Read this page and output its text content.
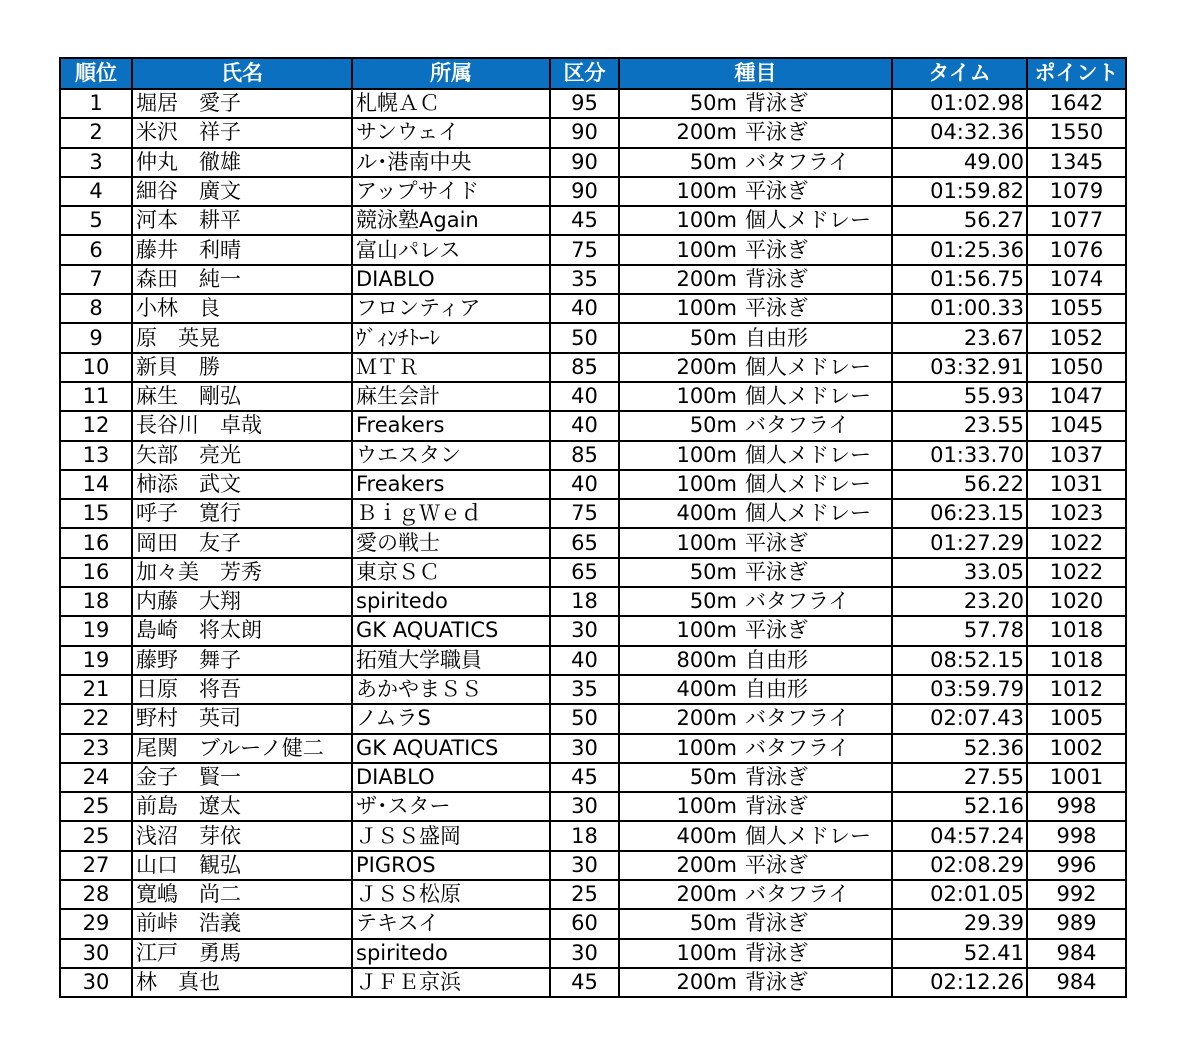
順位	氏名	所属	区分	種目	タイム	ポイント
1	堀居　愛子	札幌ＡＣ	95	50m 背泳ぎ	01:02.98	1642
2	米沢　祥子	サンウェイ	90	200m 平泳ぎ	04:32.36	1550
3	仲丸　徹雄	ル･港南中央	90	50m バタフライ	49.00	1345
4	細谷　廣文	アップサイド	90	100m 平泳ぎ	01:59.82	1079
5	河本　耕平	競泳塾Again	45	100m 個人メドレー	56.27	1077
6	藤井　利晴	富山パレス	75	100m 平泳ぎ	01:25.36	1076
7	森田　純一	DIABLO	35	200m 背泳ぎ	01:56.75	1074
8	小林　良	フロンティア	40	100m 平泳ぎ	01:00.33	1055
9	原　英晃	ｳﾞｨﾝﾁﾄｰﾚ	50	50m 自由形	23.67	1052
10	新貝　勝	ＭＴＲ	85	200m 個人メドレー	03:32.91	1050
11	麻生　剛弘	麻生会計	40	100m 個人メドレー	55.93	1047
12	長谷川　卓哉	Freakers	40	50m バタフライ	23.55	1045
13	矢部　亮光	ウエスタン	85	100m 個人メドレー	01:33.70	1037
14	柿添　武文	Freakers	40	100m 個人メドレー	56.22	1031
15	呼子　寛行	ＢｉｇＷｅｄ	75	400m 個人メドレー	06:23.15	1023
16	岡田　友子	愛の戦士	65	100m 平泳ぎ	01:27.29	1022
16	加々美　芳秀	東京ＳＣ	65	50m 平泳ぎ	33.05	1022
18	内藤　大翔	spiritedo	18	50m バタフライ	23.20	1020
19	島崎　将太朗	GK AQUATICS	30	100m 平泳ぎ	57.78	1018
19	藤野　舞子	拓殖大学職員	40	800m 自由形	08:52.15	1018
21	日原　将吾	あかやまＳＳ	35	400m 自由形	03:59.79	1012
22	野村　英司	ノムラS	50	200m バタフライ	02:07.43	1005
23	尾関　ブルーノ健二	GK AQUATICS	30	100m バタフライ	52.36	1002
24	金子　賢一	DIABLO	45	50m 背泳ぎ	27.55	1001
25	前島　遼太	ザ･スター	30	100m 背泳ぎ	52.16	998
25	浅沼　芽依	ＪＳＳ盛岡	18	400m 個人メドレー	04:57.24	998
27	山口　観弘	PIGROS	30	200m 平泳ぎ	02:08.29	996
28	寛嶋　尚二	ＪＳＳ松原	25	200m バタフライ	02:01.05	992
29	前峠　浩義	テキスイ	60	50m 背泳ぎ	29.39	989
30	江戸　勇馬	spiritedo	30	100m 背泳ぎ	52.41	984
30	林　真也	ＪＦＥ京浜	45	200m 背泳ぎ	02:12.26	984
